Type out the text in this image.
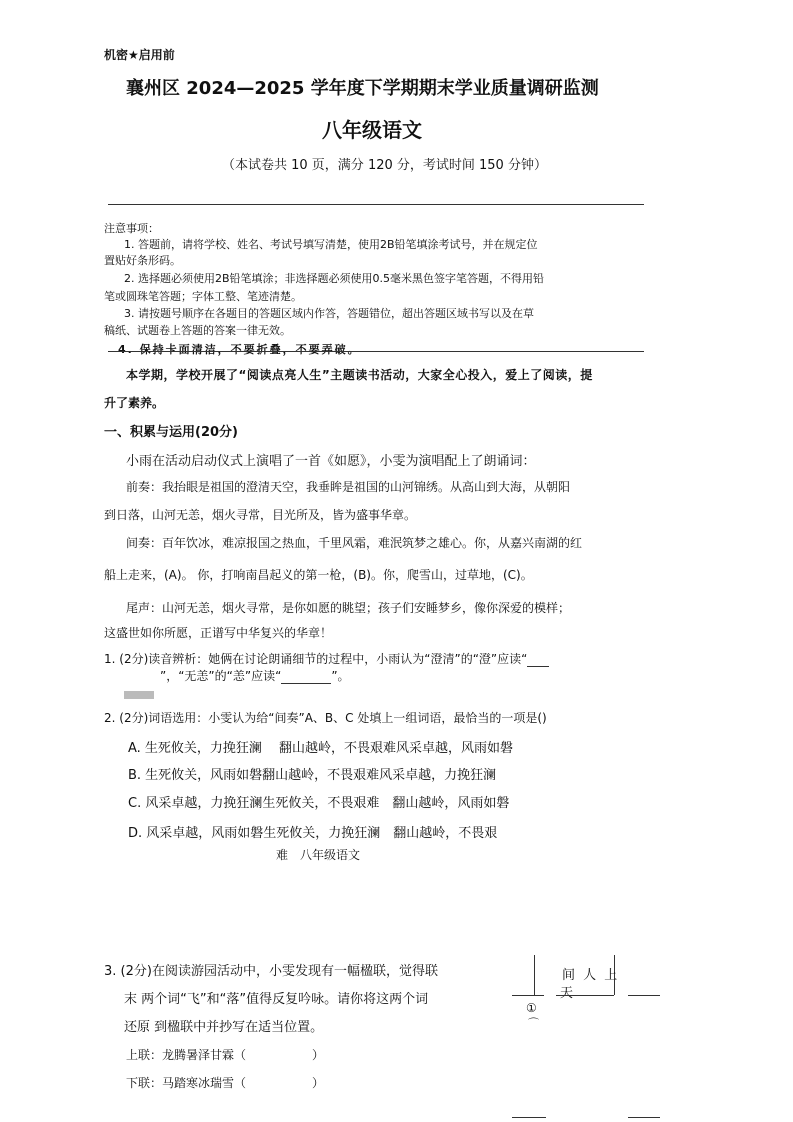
机密★启用前
襄州区 2024—2025 学年度下学期期末学业质量调研监测
八年级语文
（本试卷共 10 页，满分 120 分，考试时间 150 分钟）
注意事项：
1. 答题前，请将学校、姓名、考试号填写清楚，使用2B铅笔填涂考试号，并在规定位
置贴好条形码。
2. 选择题必须使用2B铅笔填涂；非选择题必须使用0.5毫米黑色签字笔答题，不得用铅
笔或圆珠笔答题；字体工整、笔迹清楚。
3. 请按题号顺序在各题目的答题区域内作答，答题错位，超出答题区域书写以及在草
稿纸、试题卷上答题的答案一律无效。
4. 保持卡面清洁，不要折叠，不要弄破。
本学期，学校开展了“阅读点亮人生”主题读书活动，大家全心投入，爱上了阅读，提
升了素养。
一、积累与运用(20分)
小雨在活动启动仪式上演唱了一首《如愿》，小雯为演唱配上了朗诵词：
前奏：我抬眼是祖国的澄清天空，我垂眸是祖国的山河锦绣。从高山到大海，从朝阳
到日落，山河无恙，烟火寻常，目光所及，皆为盛事华章。
间奏：百年饮冰，难凉报国之热血，千里风霜，难泯筑梦之雄心。你，从嘉兴南湖的红
船上走来，(A)。 你，打响南昌起义的第一枪，(B)。你，爬雪山，过草地，(C)。
尾声：山河无恙，烟火寻常，是你如愿的眺望；孩子们安睡梦乡，像你深爱的模样；
这盛世如你所愿，正谱写中华复兴的华章！
1. (2分)读音辨析：她俩在讨论朗诵细节的过程中，小雨认为“澄清”的“澄”应读“
”，“无恙”的“恙”应读“	”。
2. (2分)词语选用：小雯认为给“间奏”A、B、C 处填上一组词语，最恰当的一项是()
A. 生死攸关，力挽狂澜　 翻山越岭，不畏艰难风采卓越，风雨如磐
B. 生死攸关，风雨如磐翻山越岭，不畏艰难风采卓越，力挽狂澜
C. 风采卓越，力挽狂澜生死攸关，不畏艰难　翻山越岭，风雨如磐
D. 风采卓越，风雨如磐生死攸关，力挽狂澜　翻山越岭，不畏艰
难　八年级语文
3. (2分)在阅读游园活动中，小雯发现有一幅楹联，觉得联
末 两个词“飞”和“落”值得反复吟咏。请你将这两个词
还原 到楹联中并抄写在适当位置。
上联：龙腾暑泽甘霖（	）
下联：马踏寒冰瑞雪（	）
间 人 上
天
①
⌒
